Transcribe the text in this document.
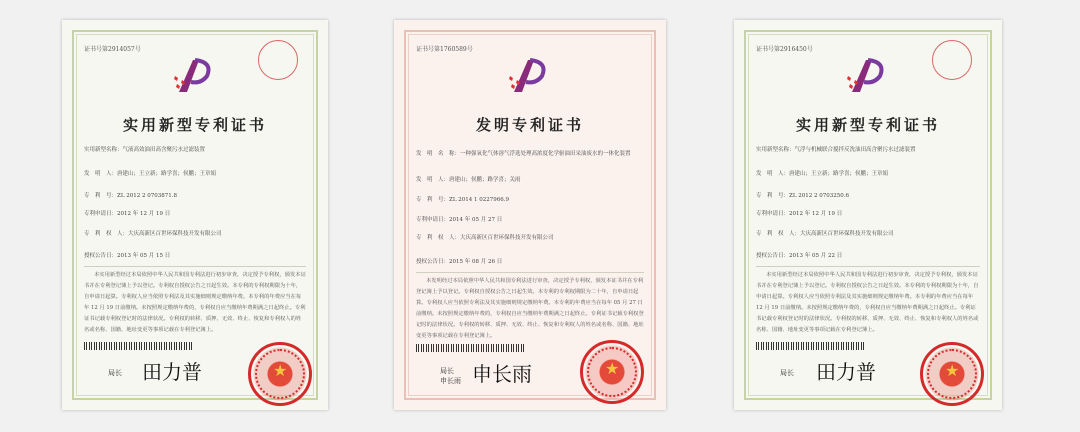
证书号第2914057号
实用新型专利证书
实用新型名称：气液高效油田高含聚污水过滤装置
发　明　人：唐建山；王立新；路学喜；侯鹏；王章娟
专　利　号：ZL 2012 2 0703871.8
专利申请日：2012 年 12 月 19 日
专　利　权　人：大庆高新区百世环保科技开发有限公司
授权公告日：2013 年 05 月 15 日
本实用新型经过本局依照中华人民共和国专利法进行初步审查，决定授予专利权，颁发本证书并在专利登记簿上予以登记。专利权自授权公告之日起生效。本专利的专利权期限为十年，自申请日起算。专利权人应当依照专利法及其实施细则规定缴纳年费。本专利的年费应当在每年 12 月 19 日前缴纳。未按照规定缴纳年费的，专利权自应当缴纳年费期满之日起终止。专利证书记载专利权登记时的法律状况。专利权的转移、质押、无效、终止、恢复和专利权人的姓名或名称、国籍、地址变更等事项记载在专利登记簿上。
局长 田力普	★
证书号第1760589号
发明专利证书
发　明　名　称：一种强氧化气体溶气浮选处理高浓度化学驱油田采油废水的一体化装置
发　明　人：唐建山；侯鹏；路学喜；关雨
专　利　号：ZL 2014 1 0227966.9
专利申请日：2014 年 05 月 27 日
专　利　权　人：大庆高新区百世环保科技开发有限公司
授权公告日：2015 年 08 月 26 日
本发明经过本局依照中华人民共和国专利法进行审查，决定授予专利权，颁发本证书并在专利登记簿上予以登记。专利权自授权公告之日起生效。本专利的专利权期限为二十年，自申请日起算。专利权人应当依照专利法及其实施细则规定缴纳年费。本专利的年费应当在每年 05 月 27 日前缴纳。未按照规定缴纳年费的，专利权自应当缴纳年费期满之日起终止。专利证书记载专利权登记时的法律状况。专利权的转移、质押、无效、终止、恢复和专利权人的姓名或名称、国籍、地址变更等事项记载在专利登记簿上。
局长
申长雨 申长雨	★
证书号第2916450号
实用新型专利证书
实用新型名称：气浮与机械联合搅拌反洗油田高含聚污水过滤装置
发　明　人：唐建山；王立新；路学喜；侯鹏；王章娟
专　利　号：ZL 2012 2 0703250.6
专利申请日：2012 年 12 月 19 日
专　利　权　人：大庆高新区百世环保科技开发有限公司
授权公告日：2013 年 05 月 22 日
本实用新型经过本局依照中华人民共和国专利法进行初步审查，决定授予专利权，颁发本证书并在专利登记簿上予以登记。专利权自授权公告之日起生效。本专利的专利权期限为十年，自申请日起算。专利权人应当依照专利法及其实施细则规定缴纳年费。本专利的年费应当在每年 12 月 19 日前缴纳。未按照规定缴纳年费的，专利权自应当缴纳年费期满之日起终止。专利证书记载专利权登记时的法律状况。专利权的转移、质押、无效、终止、恢复和专利权人的姓名或名称、国籍、地址变更等事项记载在专利登记簿上。
局长 田力普	★
